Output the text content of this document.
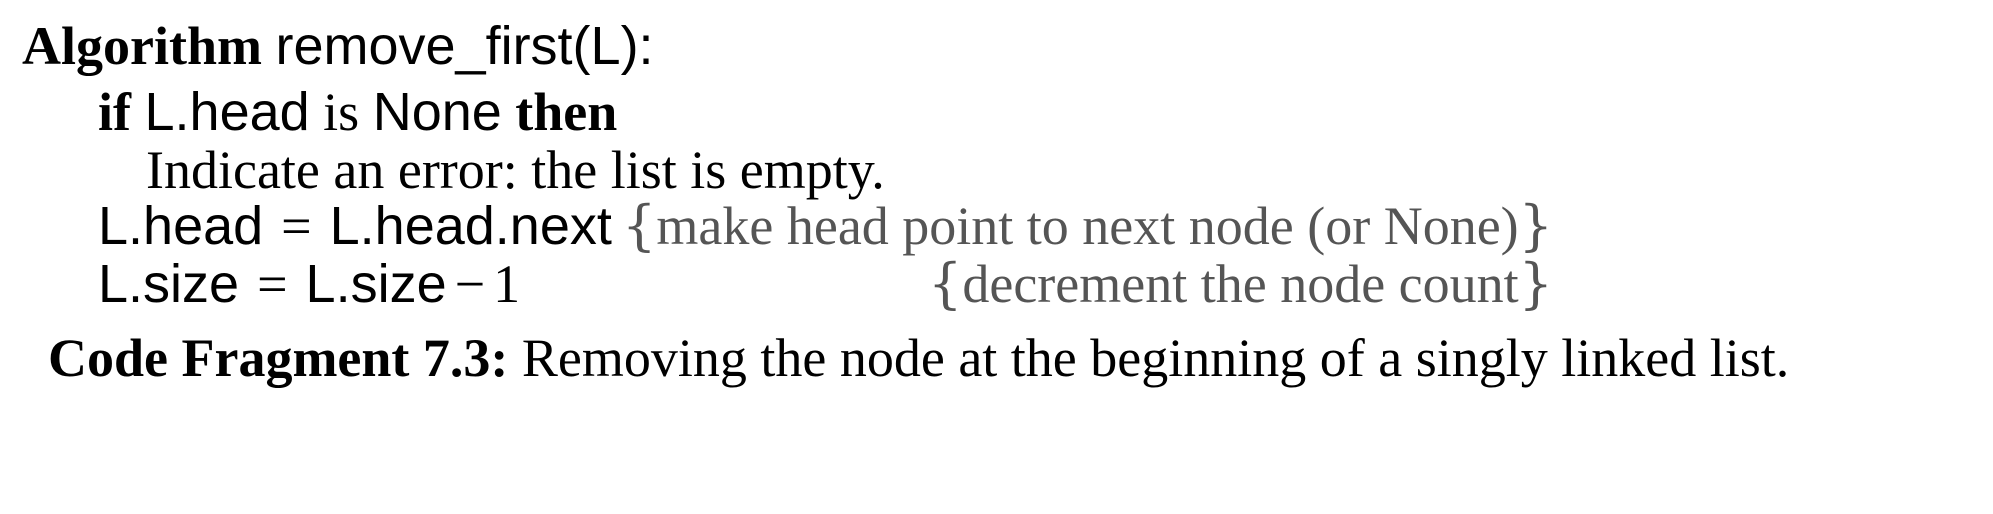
Algorithm remove_first(L):
if L.head is None then
Indicate an error: the list is empty.
L.head = L.head.next {make head point to next node (or None)}
L.size = L.size − 1	{decrement the node count}
Code Fragment 7.3: Removing the node at the beginning of a singly linked list.
